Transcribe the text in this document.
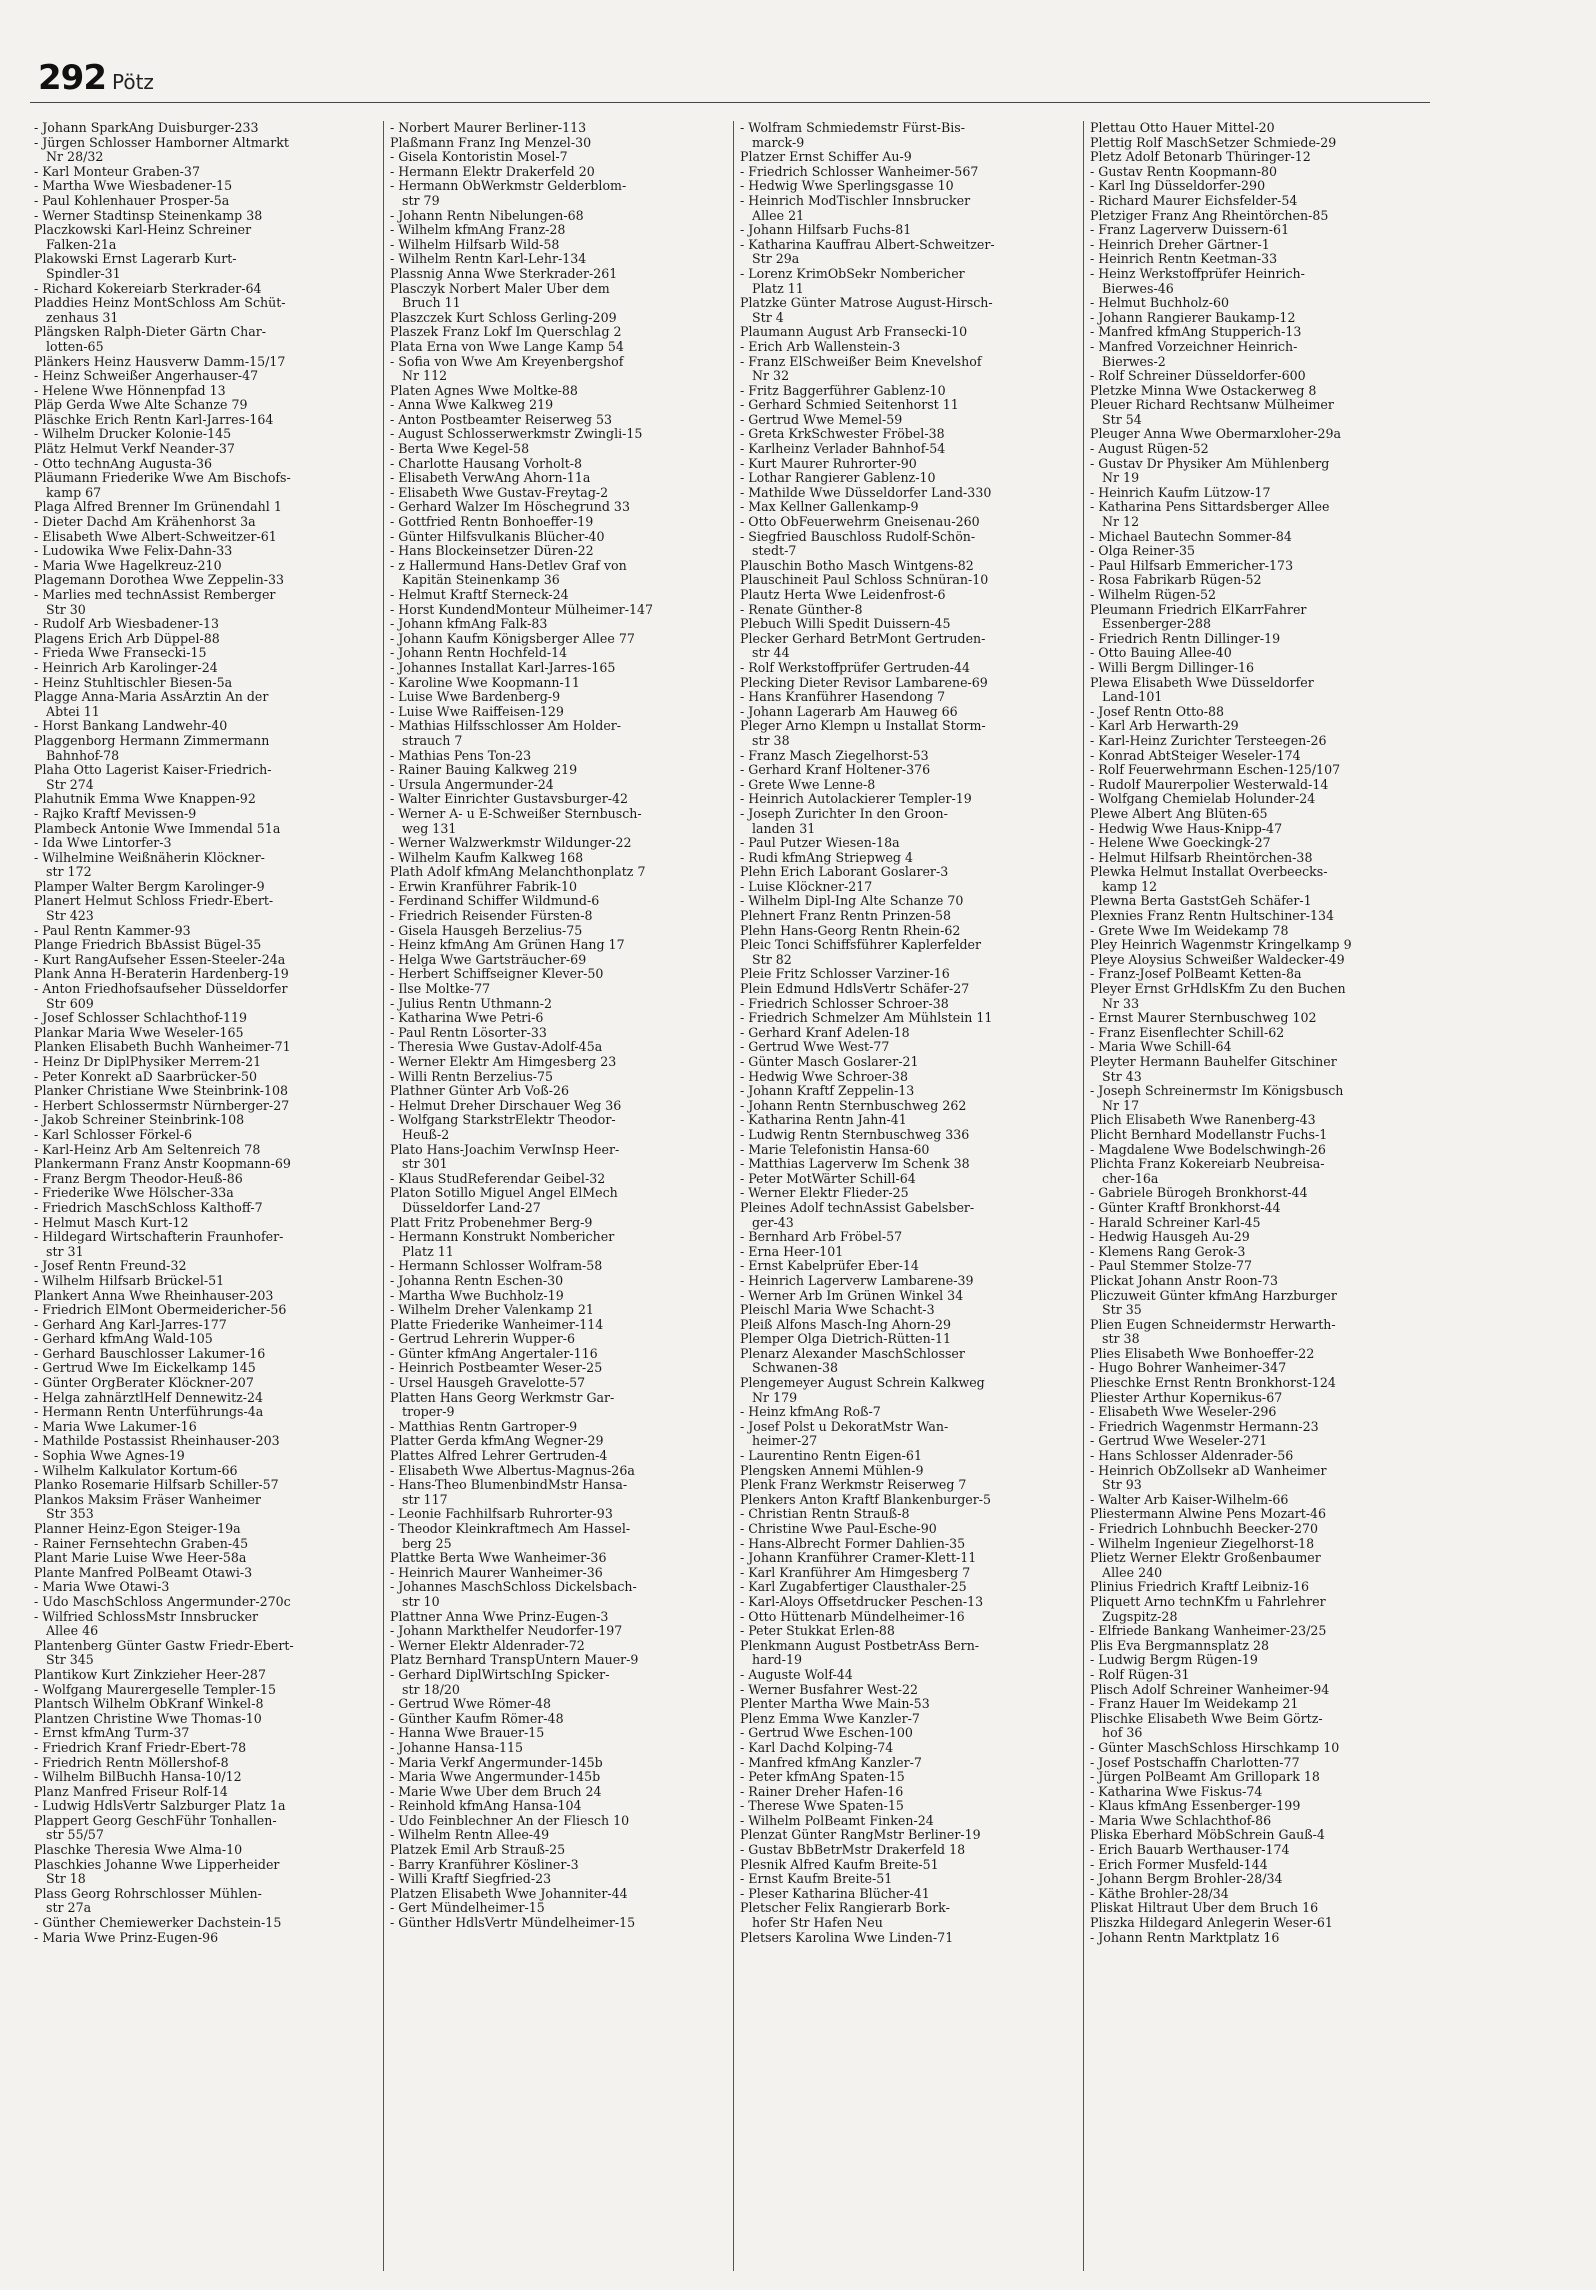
292 Pötz
- Johann SparkAng Duisburger-233
- Jürgen Schlosser Hamborner Altmarkt
Nr 28/32
- Karl Monteur Graben-37
- Martha Wwe Wiesbadener-15
- Paul Kohlenhauer Prosper-5a
- Werner Stadtinsp Steinenkamp 38
Placzkowski Karl-Heinz Schreiner
Falken-21a
Plakowski Ernst Lagerarb Kurt-
Spindler-31
- Richard Kokereiarb Sterkrader-64
Pladdies Heinz MontSchloss Am Schüt-
zenhaus 31
Plängsken Ralph-Dieter Gärtn Char-
lotten-65
Plänkers Heinz Hausverw Damm-15/17
- Heinz Schweißer Angerhauser-47
- Helene Wwe Hönnenpfad 13
Pläp Gerda Wwe Alte Schanze 79
Pläschke Erich Rentn Karl-Jarres-164
- Wilhelm Drucker Kolonie-145
Plätz Helmut Verkf Neander-37
- Otto technAng Augusta-36
Pläumann Friederike Wwe Am Bischofs-
kamp 67
Plaga Alfred Brenner Im Grünendahl 1
- Dieter Dachd Am Krähenhorst 3a
- Elisabeth Wwe Albert-Schweitzer-61
- Ludowika Wwe Felix-Dahn-33
- Maria Wwe Hagelkreuz-210
Plagemann Dorothea Wwe Zeppelin-33
- Marlies med technAssist Remberger
Str 30
- Rudolf Arb Wiesbadener-13
Plagens Erich Arb Düppel-88
- Frieda Wwe Fransecki-15
- Heinrich Arb Karolinger-24
- Heinz Stuhltischler Biesen-5a
Plagge Anna-Maria AssÄrztin An der
Abtei 11
- Horst Bankang Landwehr-40
Plaggenborg Hermann Zimmermann
Bahnhof-78
Plaha Otto Lagerist Kaiser-Friedrich-
Str 274
Plahutnik Emma Wwe Knappen-92
- Rajko Kraftf Mevissen-9
Plambeck Antonie Wwe Immendal 51a
- Ida Wwe Lintorfer-3
- Wilhelmine Weißnäherin Klöckner-
str 172
Plamper Walter Bergm Karolinger-9
Planert Helmut Schloss Friedr-Ebert-
Str 423
- Paul Rentn Kammer-93
Plange Friedrich BbAssist Bügel-35
- Kurt RangAufseher Essen-Steeler-24a
Plank Anna H-Beraterin Hardenberg-19
- Anton Friedhofsaufseher Düsseldorfer
Str 609
- Josef Schlosser Schlachthof-119
Plankar Maria Wwe Weseler-165
Planken Elisabeth Buchh Wanheimer-71
- Heinz Dr DiplPhysiker Merrem-21
- Peter Konrekt aD Saarbrücker-50
Planker Christiane Wwe Steinbrink-108
- Herbert Schlossermstr Nürnberger-27
- Jakob Schreiner Steinbrink-108
- Karl Schlosser Förkel-6
- Karl-Heinz Arb Am Seltenreich 78
Plankermann Franz Anstr Koopmann-69
- Franz Bergm Theodor-Heuß-86
- Friederike Wwe Hölscher-33a
- Friedrich MaschSchloss Kalthoff-7
- Helmut Masch Kurt-12
- Hildegard Wirtschafterin Fraunhofer-
str 31
- Josef Rentn Freund-32
- Wilhelm Hilfsarb Brückel-51
Plankert Anna Wwe Rheinhauser-203
- Friedrich ElMont Obermeidericher-56
- Gerhard Ang Karl-Jarres-177
- Gerhard kfmAng Wald-105
- Gerhard Bauschlosser Lakumer-16
- Gertrud Wwe Im Eickelkamp 145
- Günter OrgBerater Klöckner-207
- Helga zahnärztlHelf Dennewitz-24
- Hermann Rentn Unterführungs-4a
- Maria Wwe Lakumer-16
- Mathilde Postassist Rheinhauser-203
- Sophia Wwe Agnes-19
- Wilhelm Kalkulator Kortum-66
Planko Rosemarie Hilfsarb Schiller-57
Plankos Maksim Fräser Wanheimer
Str 353
Planner Heinz-Egon Steiger-19a
- Rainer Fernsehtechn Graben-45
Plant Marie Luise Wwe Heer-58a
Plante Manfred PolBeamt Otawi-3
- Maria Wwe Otawi-3
- Udo MaschSchloss Angermunder-270c
- Wilfried SchlossMstr Innsbrucker
Allee 46
Plantenberg Günter Gastw Friedr-Ebert-
Str 345
Plantikow Kurt Zinkzieher Heer-287
- Wolfgang Maurergeselle Templer-15
Plantsch Wilhelm ObKranf Winkel-8
Plantzen Christine Wwe Thomas-10
- Ernst kfmAng Turm-37
- Friedrich Kranf Friedr-Ebert-78
- Friedrich Rentn Möllershof-8
- Wilhelm BilBuchh Hansa-10/12
Planz Manfred Friseur Rolf-14
- Ludwig HdlsVertr Salzburger Platz 1a
Plappert Georg GeschFühr Tonhallen-
str 55/57
Plaschke Theresia Wwe Alma-10
Plaschkies Johanne Wwe Lipperheider
Str 18
Plass Georg Rohrschlosser Mühlen-
str 27a
- Günther Chemiewerker Dachstein-15
- Maria Wwe Prinz-Eugen-96
- Norbert Maurer Berliner-113
Plaßmann Franz Ing Menzel-30
- Gisela Kontoristin Mosel-7
- Hermann Elektr Drakerfeld 20
- Hermann ObWerkmstr Gelderblom-
str 79
- Johann Rentn Nibelungen-68
- Wilhelm kfmAng Franz-28
- Wilhelm Hilfsarb Wild-58
- Wilhelm Rentn Karl-Lehr-134
Plassnig Anna Wwe Sterkrader-261
Plasczyk Norbert Maler Über dem
Bruch 11
Plaszczek Kurt Schloss Gerling-209
Plaszek Franz Lokf Im Querschlag 2
Plata Erna von Wwe Lange Kamp 54
- Sofia von Wwe Am Kreyenbergshof
Nr 112
Platen Agnes Wwe Moltke-88
- Anna Wwe Kalkweg 219
- Anton Postbeamter Reiserweg 53
- August Schlosserwerkmstr Zwingli-15
- Berta Wwe Kegel-58
- Charlotte Hausang Vorholt-8
- Elisabeth VerwAng Ahorn-11a
- Elisabeth Wwe Gustav-Freytag-2
- Gerhard Walzer Im Höschegrund 33
- Gottfried Rentn Bonhoeffer-19
- Günter Hilfsvulkanis Blücher-40
- Hans Blockeinsetzer Düren-22
- z Hallermund Hans-Detlev Graf von
Kapitän Steinenkamp 36
- Helmut Kraftf Sterneck-24
- Horst KundendMonteur Mülheimer-147
- Johann kfmAng Falk-83
- Johann Kaufm Königsberger Allee 77
- Johann Rentn Hochfeld-14
- Johannes Installat Karl-Jarres-165
- Karoline Wwe Koopmann-11
- Luise Wwe Bardenberg-9
- Luise Wwe Raiffeisen-129
- Mathias Hilfsschlosser Am Holder-
strauch 7
- Mathias Pens Ton-23
- Rainer Bauing Kalkweg 219
- Ursula Angermunder-24
- Walter Einrichter Gustavsburger-42
- Werner A- u E-Schweißer Sternbusch-
weg 131
- Werner Walzwerkmstr Wildunger-22
- Wilhelm Kaufm Kalkweg 168
Plath Adolf kfmAng Melanchthonplatz 7
- Erwin Kranführer Fabrik-10
- Ferdinand Schiffer Wildmund-6
- Friedrich Reisender Fürsten-8
- Gisela Hausgeh Berzelius-75
- Heinz kfmAng Am Grünen Hang 17
- Helga Wwe Gartsträucher-69
- Herbert Schiffseigner Klever-50
- Ilse Moltke-77
- Julius Rentn Uthmann-2
- Katharina Wwe Petri-6
- Paul Rentn Lösorter-33
- Theresia Wwe Gustav-Adolf-45a
- Werner Elektr Am Himgesberg 23
- Willi Rentn Berzelius-75
Plathner Günter Arb Voß-26
- Helmut Dreher Dirschauer Weg 36
- Wolfgang StarkstrElektr Theodor-
Heuß-2
Plato Hans-Joachim VerwInsp Heer-
str 301
- Klaus StudReferendar Geibel-32
Platon Sotillo Miguel Angel ElMech
Düsseldorfer Land-27
Platt Fritz Probenehmer Berg-9
- Hermann Konstrukt Nombericher
Platz 11
- Hermann Schlosser Wolfram-58
- Johanna Rentn Eschen-30
- Martha Wwe Buchholz-19
- Wilhelm Dreher Valenkamp 21
Platte Friederike Wanheimer-114
- Gertrud Lehrerin Wupper-6
- Günter kfmAng Angertaler-116
- Heinrich Postbeamter Weser-25
- Ursel Hausgeh Gravelotte-57
Platten Hans Georg Werkmstr Gar-
troper-9
- Matthias Rentn Gartroper-9
Platter Gerda kfmAng Wegner-29
Plattes Alfred Lehrer Gertruden-4
- Elisabeth Wwe Albertus-Magnus-26a
- Hans-Theo BlumenbindMstr Hansa-
str 117
- Leonie Fachhilfsarb Ruhrorter-93
- Theodor Kleinkraftmech Am Hassel-
berg 25
Plattke Berta Wwe Wanheimer-36
- Heinrich Maurer Wanheimer-36
- Johannes MaschSchloss Dickelsbach-
str 10
Plattner Anna Wwe Prinz-Eugen-3
- Johann Markthelfer Neudorfer-197
- Werner Elektr Aldenrader-72
Platz Bernhard TranspUntern Mauer-9
- Gerhard DiplWirtschIng Spicker-
str 18/20
- Gertrud Wwe Römer-48
- Günther Kaufm Römer-48
- Hanna Wwe Brauer-15
- Johanne Hansa-115
- Maria Verkf Angermunder-145b
- Maria Wwe Angermunder-145b
- Marie Wwe Über dem Bruch 24
- Reinhold kfmAng Hansa-104
- Udo Feinblechner An der Fliesch 10
- Wilhelm Rentn Allee-49
Platzek Emil Arb Strauß-25
- Barry Kranführer Kösliner-3
- Willi Kraftf Siegfried-23
Platzen Elisabeth Wwe Johanniter-44
- Gert Mündelheimer-15
- Günther HdlsVertr Mündelheimer-15
- Wolfram Schmiedemstr Fürst-Bis-
marck-9
Platzer Ernst Schiffer Au-9
- Friedrich Schlosser Wanheimer-567
- Hedwig Wwe Sperlingsgasse 10
- Heinrich ModTischler Innsbrucker
Allee 21
- Johann Hilfsarb Fuchs-81
- Katharina Kauffrau Albert-Schweitzer-
Str 29a
- Lorenz KrimObSekr Nombericher
Platz 11
Platzke Günter Matrose August-Hirsch-
Str 4
Plaumann August Arb Fransecki-10
- Erich Arb Wallenstein-3
- Franz ElSchweißer Beim Knevelshof
Nr 32
- Fritz Baggerführer Gablenz-10
- Gerhard Schmied Seitenhorst 11
- Gertrud Wwe Memel-59
- Greta KrkSchwester Fröbel-38
- Karlheinz Verlader Bahnhof-54
- Kurt Maurer Ruhrorter-90
- Lothar Rangierer Gablenz-10
- Mathilde Wwe Düsseldorfer Land-330
- Max Kellner Gallenkamp-9
- Otto ObFeuerwehrm Gneisenau-260
- Siegfried Bauschloss Rudolf-Schön-
stedt-7
Plauschin Botho Masch Wintgens-82
Plauschineit Paul Schloss Schnüran-10
Plautz Herta Wwe Leidenfrost-6
- Renate Günther-8
Plebuch Willi Spedit Duissern-45
Plecker Gerhard BetrMont Gertruden-
str 44
- Rolf Werkstoffprüfer Gertruden-44
Plecking Dieter Revisor Lambarene-69
- Hans Kranführer Hasendong 7
- Johann Lagerarb Am Hauweg 66
Pleger Arno Klempn u Installat Storm-
str 38
- Franz Masch Ziegelhorst-53
- Gerhard Kranf Holtener-376
- Grete Wwe Lenne-8
- Heinrich Autolackierer Templer-19
- Joseph Zurichter In den Groon-
landen 31
- Paul Putzer Wiesen-18a
- Rudi kfmAng Striepweg 4
Plehn Erich Laborant Goslarer-3
- Luise Klöckner-217
- Wilhelm Dipl-Ing Alte Schanze 70
Plehnert Franz Rentn Prinzen-58
Plehn Hans-Georg Rentn Rhein-62
Pleic Tonci Schiffsführer Kaplerfelder
Str 82
Pleie Fritz Schlosser Varziner-16
Plein Edmund HdlsVertr Schäfer-27
- Friedrich Schlosser Schroer-38
- Friedrich Schmelzer Am Mühlstein 11
- Gerhard Kranf Adelen-18
- Gertrud Wwe West-77
- Günter Masch Goslarer-21
- Hedwig Wwe Schroer-38
- Johann Kraftf Zeppelin-13
- Johann Rentn Sternbuschweg 262
- Katharina Rentn Jahn-41
- Ludwig Rentn Sternbuschweg 336
- Marie Telefonistin Hansa-60
- Matthias Lagerverw Im Schenk 38
- Peter MotWärter Schill-64
- Werner Elektr Flieder-25
Pleines Adolf technAssist Gabelsber-
ger-43
- Bernhard Arb Fröbel-57
- Erna Heer-101
- Ernst Kabelprüfer Eber-14
- Heinrich Lagerverw Lambarene-39
- Werner Arb Im Grünen Winkel 34
Pleischl Maria Wwe Schacht-3
Pleiß Alfons Masch-Ing Ahorn-29
Plemper Olga Dietrich-Rütten-11
Plenarz Alexander MaschSchlosser
Schwanen-38
Plengemeyer August Schrein Kalkweg
Nr 179
- Heinz kfmAng Roß-7
- Josef Polst u DekoratMstr Wan-
heimer-27
- Laurentino Rentn Eigen-61
Plengsken Annemi Mühlen-9
Plenk Franz Werkmstr Reiserweg 7
Plenkers Anton Kraftf Blankenburger-5
- Christian Rentn Strauß-8
- Christine Wwe Paul-Esche-90
- Hans-Albrecht Former Dahlien-35
- Johann Kranführer Cramer-Klett-11
- Karl Kranführer Am Himgesberg 7
- Karl Zugabfertiger Clausthaler-25
- Karl-Aloys Offsetdrucker Peschen-13
- Otto Hüttenarb Mündelheimer-16
- Peter Stukkat Erlen-88
Plenkmann August PostbetrAss Bern-
hard-19
- Auguste Wolf-44
- Werner Busfahrer West-22
Plenter Martha Wwe Main-53
Plenz Emma Wwe Kanzler-7
- Gertrud Wwe Eschen-100
- Karl Dachd Kolping-74
- Manfred kfmAng Kanzler-7
- Peter kfmAng Spaten-15
- Rainer Dreher Hafen-16
- Therese Wwe Spaten-15
- Wilhelm PolBeamt Finken-24
Plenzat Günter RangMstr Berliner-19
- Gustav BbBetrMstr Drakerfeld 18
Plesnik Alfred Kaufm Breite-51
- Ernst Kaufm Breite-51
- Pleser Katharina Blücher-41
Pletscher Felix Rangierarb Bork-
hofer Str Hafen Neu
Pletsers Karolina Wwe Linden-71
Plettau Otto Hauer Mittel-20
Plettig Rolf MaschSetzer Schmiede-29
Pletz Adolf Betonarb Thüringer-12
- Gustav Rentn Koopmann-80
- Karl Ing Düsseldorfer-290
- Richard Maurer Eichsfelder-54
Pletziger Franz Ang Rheintörchen-85
- Franz Lagerverw Duissern-61
- Heinrich Dreher Gärtner-1
- Heinrich Rentn Keetman-33
- Heinz Werkstoffprüfer Heinrich-
Bierwes-46
- Helmut Buchholz-60
- Johann Rangierer Baukamp-12
- Manfred kfmAng Stupperich-13
- Manfred Vorzeichner Heinrich-
Bierwes-2
- Rolf Schreiner Düsseldorfer-600
Pletzke Minna Wwe Ostackerweg 8
Pleuer Richard Rechtsanw Mülheimer
Str 54
Pleuger Anna Wwe Obermarxloher-29a
- August Rügen-52
- Gustav Dr Physiker Am Mühlenberg
Nr 19
- Heinrich Kaufm Lützow-17
- Katharina Pens Sittardsberger Allee
Nr 12
- Michael Bautechn Sommer-84
- Olga Reiner-35
- Paul Hilfsarb Emmericher-173
- Rosa Fabrikarb Rügen-52
- Wilhelm Rügen-52
Pleumann Friedrich ElKarrFahrer
Essenberger-288
- Friedrich Rentn Dillinger-19
- Otto Bauing Allee-40
- Willi Bergm Dillinger-16
Plewa Elisabeth Wwe Düsseldorfer
Land-101
- Josef Rentn Otto-88
- Karl Arb Herwarth-29
- Karl-Heinz Zurichter Tersteegen-26
- Konrad AbtSteiger Weseler-174
- Rolf Feuerwehrmann Eschen-125/107
- Rudolf Maurerpolier Westerwald-14
- Wolfgang Chemielab Holunder-24
Plewe Albert Ang Blüten-65
- Hedwig Wwe Haus-Knipp-47
- Helene Wwe Goeckingk-27
- Helmut Hilfsarb Rheintörchen-38
Plewka Helmut Installat Overbeecks-
kamp 12
Plewna Berta GaststGeh Schäfer-1
Plexnies Franz Rentn Hultschiner-134
- Grete Wwe Im Weidekamp 78
Pley Heinrich Wagenmstr Kringelkamp 9
Pleye Aloysius Schweißer Waldecker-49
- Franz-Josef PolBeamt Ketten-8a
Pleyer Ernst GrHdlsKfm Zu den Buchen
Nr 33
- Ernst Maurer Sternbuschweg 102
- Franz Eisenflechter Schill-62
- Maria Wwe Schill-64
Pleyter Hermann Bauhelfer Gitschiner
Str 43
- Joseph Schreinermstr Im Königsbusch
Nr 17
Plich Elisabeth Wwe Ranenberg-43
Plicht Bernhard Modellanstr Fuchs-1
- Magdalene Wwe Bodelschwingh-26
Plichta Franz Kokereiarb Neubreisa-
cher-16a
- Gabriele Bürogeh Bronkhorst-44
- Günter Kraftf Bronkhorst-44
- Harald Schreiner Karl-45
- Hedwig Hausgeh Au-29
- Klemens Rang Gerok-3
- Paul Stemmer Stolze-77
Plickat Johann Anstr Roon-73
Pliczuweit Günter kfmAng Harzburger
Str 35
Plien Eugen Schneidermstr Herwarth-
str 38
Plies Elisabeth Wwe Bonhoeffer-22
- Hugo Bohrer Wanheimer-347
Plieschke Ernst Rentn Bronkhorst-124
Pliester Arthur Kopernikus-67
- Elisabeth Wwe Weseler-296
- Friedrich Wagenmstr Hermann-23
- Gertrud Wwe Weseler-271
- Hans Schlosser Aldenrader-56
- Heinrich ObZollsekr aD Wanheimer
Str 93
- Walter Arb Kaiser-Wilhelm-66
Pliestermann Alwine Pens Mozart-46
- Friedrich Lohnbuchh Beecker-270
- Wilhelm Ingenieur Ziegelhorst-18
Plietz Werner Elektr Großenbaumer
Allee 240
Plinius Friedrich Kraftf Leibniz-16
Pliquett Arno technKfm u Fahrlehrer
Zugspitz-28
- Elfriede Bankang Wanheimer-23/25
Plis Eva Bergmannsplatz 28
- Ludwig Bergm Rügen-19
- Rolf Rügen-31
Plisch Adolf Schreiner Wanheimer-94
- Franz Hauer Im Weidekamp 21
Plischke Elisabeth Wwe Beim Görtz-
hof 36
- Günter MaschSchloss Hirschkamp 10
- Josef Postschaffn Charlotten-77
- Jürgen PolBeamt Am Grillopark 18
- Katharina Wwe Fiskus-74
- Klaus kfmAng Essenberger-199
- Maria Wwe Schlachthof-86
Pliska Eberhard MöbSchrein Gauß-4
- Erich Bauarb Werthauser-174
- Erich Former Musfeld-144
- Johann Bergm Brohler-28/34
- Käthe Brohler-28/34
Pliskat Hiltraut Über dem Bruch 16
Pliszka Hildegard Anlegerin Weser-61
- Johann Rentn Marktplatz 16
